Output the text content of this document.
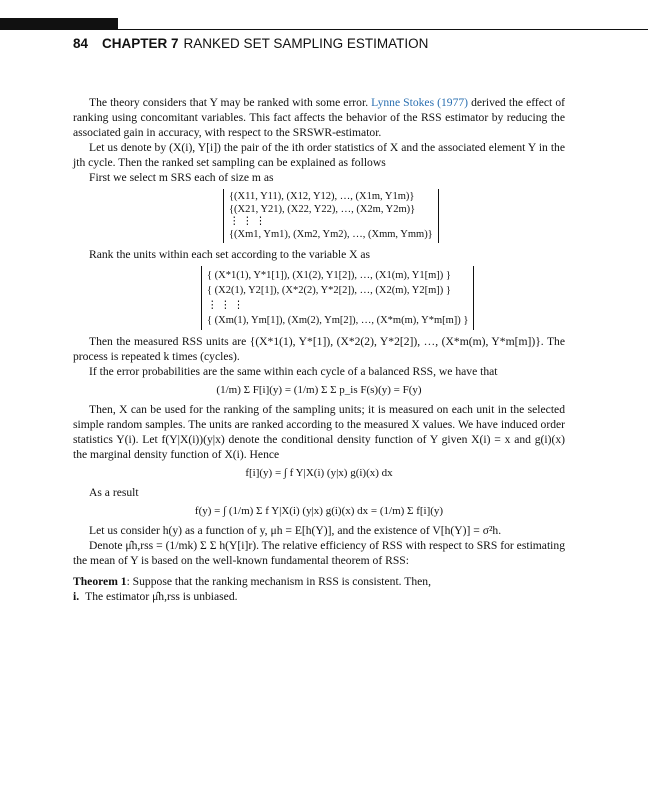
84 CHAPTER 7 RANKED SET SAMPLING ESTIMATION

The theory considers that Y may be ranked with some error. Lynne Stokes (1977) derived the effect of ranking using concomitant variables. This fact affects the behavior of the RSS estimator by reducing the associated gain in accuracy, with respect to the SRSWR-estimator.

Let us denote by (X(i), Y[i]) the pair of the ith order statistics of X and the associated element Y in the jth cycle. Then the ranked set sampling can be explained as follows

First we select m SRS each of size m as

{(X11, Y11), (X12, Y12), …, (X1m, Y1m)}
{(X21, Y21), (X22, Y22), …, (X2m, Y2m)}
⋮ ⋮ ⋮
{(Xm1, Ym1), (Xm2, Ym2), …, (Xmm, Ymm)}

Rank the units within each set according to the variable X as

{ (X*1(1), Y*1[1]), (X1(2), Y1[2]), …, (X1(m), Y1[m]) }
{ (X2(1), Y2[1]), (X*2(2), Y*2[2]), …, (X2(m), Y2[m]) }
⋮ ⋮ ⋮
{ (Xm(1), Ym[1]), (Xm(2), Ym[2]), …, (X*m(m), Y*m[m]) }

Then the measured RSS units are {(X*1(1), Y*[1]), (X*2(2), Y*2[2]), …, (X*m(m), Y*m[m])}. The process is repeated k times (cycles).

If the error probabilities are the same within each cycle of a balanced RSS, we have that

(1/m) Σ F[i](y) = (1/m) Σ Σ p_is F(s)(y) = F(y)

Then, X can be used for the ranking of the sampling units; it is measured on each unit in the selected simple random samples. The units are ranked according to the measured X values. We have induced order statistics Y(i). Let f(Y|X(i))(y|x) denote the conditional density function of Y given X(i) = x and g(i)(x) the marginal density function of X(i). Hence

f[i](y) = ∫ f Y|X(i) (y|x) g(i)(x) dx

As a result

f(y) = ∫ (1/m) Σ f Y|X(i) (y|x) g(i)(x) dx = (1/m) Σ f[i](y)

Let us consider h(y) as a function of y, μh = E[h(Y)], and the existence of V[h(Y)] = σ²h.

Denote μ̂h,rss = (1/mk) Σ Σ h(Y[i]r). The relative efficiency of RSS with respect to SRS for estimating the mean of Y is based on the well-known fundamental theorem of RSS:

Theorem 1: Suppose that the ranking mechanism in RSS is consistent. Then,

i. The estimator μ̂h,rss is unbiased.
